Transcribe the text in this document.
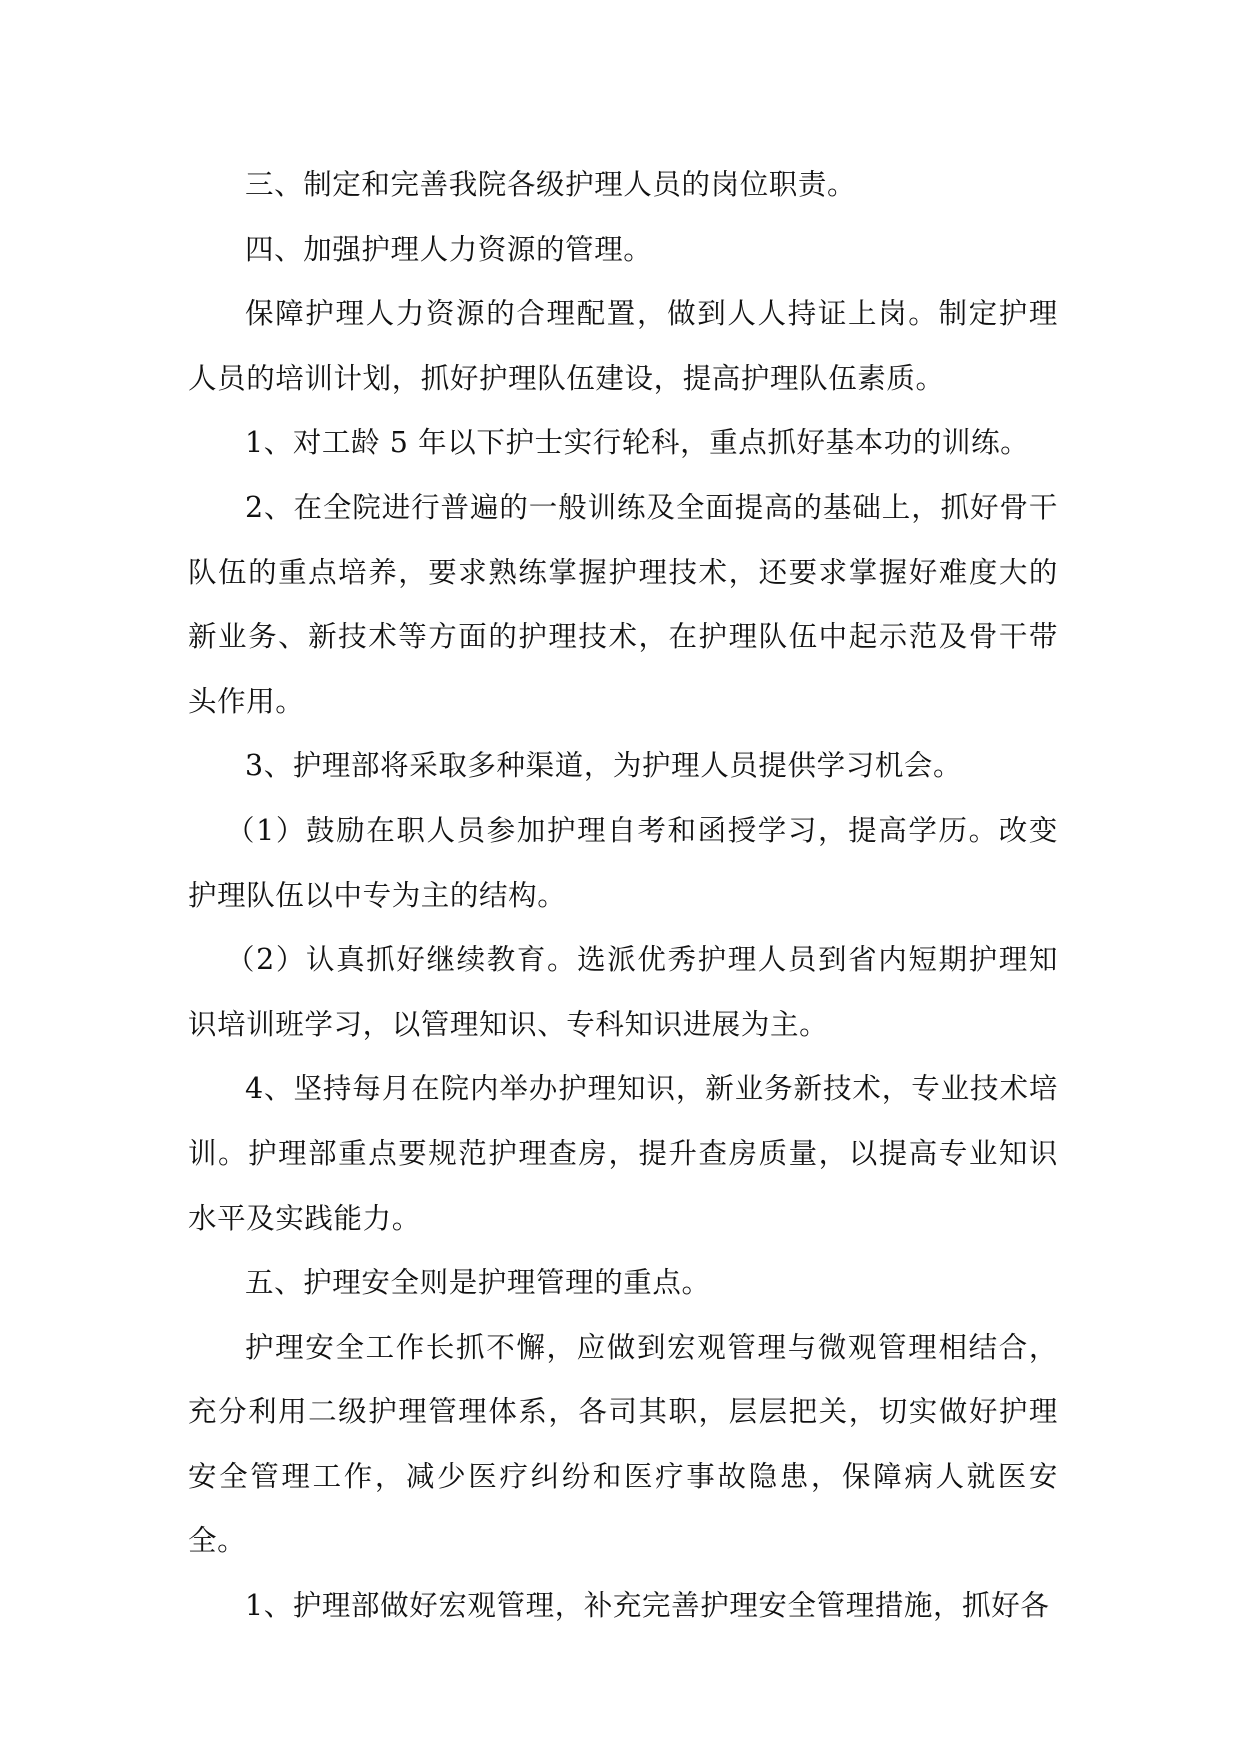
三、制定和完善我院各级护理人员的岗位职责。

四、加强护理人力资源的管理。

保障护理人力资源的合理配置，做到人人持证上岗。制定护理人员的培训计划，抓好护理队伍建设，提高护理队伍素质。

1、对工龄 5 年以下护士实行轮科，重点抓好基本功的训练。

2、在全院进行普遍的一般训练及全面提高的基础上，抓好骨干队伍的重点培养，要求熟练掌握护理技术，还要求掌握好难度大的新业务、新技术等方面的护理技术，在护理队伍中起示范及骨干带头作用。

3、护理部将采取多种渠道，为护理人员提供学习机会。

（1）鼓励在职人员参加护理自考和函授学习，提高学历。改变护理队伍以中专为主的结构。

（2）认真抓好继续教育。选派优秀护理人员到省内短期护理知识培训班学习，以管理知识、专科知识进展为主。

4、坚持每月在院内举办护理知识，新业务新技术，专业技术培训。护理部重点要规范护理查房，提升查房质量，以提高专业知识水平及实践能力。

五、护理安全则是护理管理的重点。

护理安全工作长抓不懈，应做到宏观管理与微观管理相结合，充分利用二级护理管理体系，各司其职，层层把关，切实做好护理安全管理工作，减少医疗纠纷和医疗事故隐患，保障病人就医安全。

1、护理部做好宏观管理，补充完善护理安全管理措施，抓好各
